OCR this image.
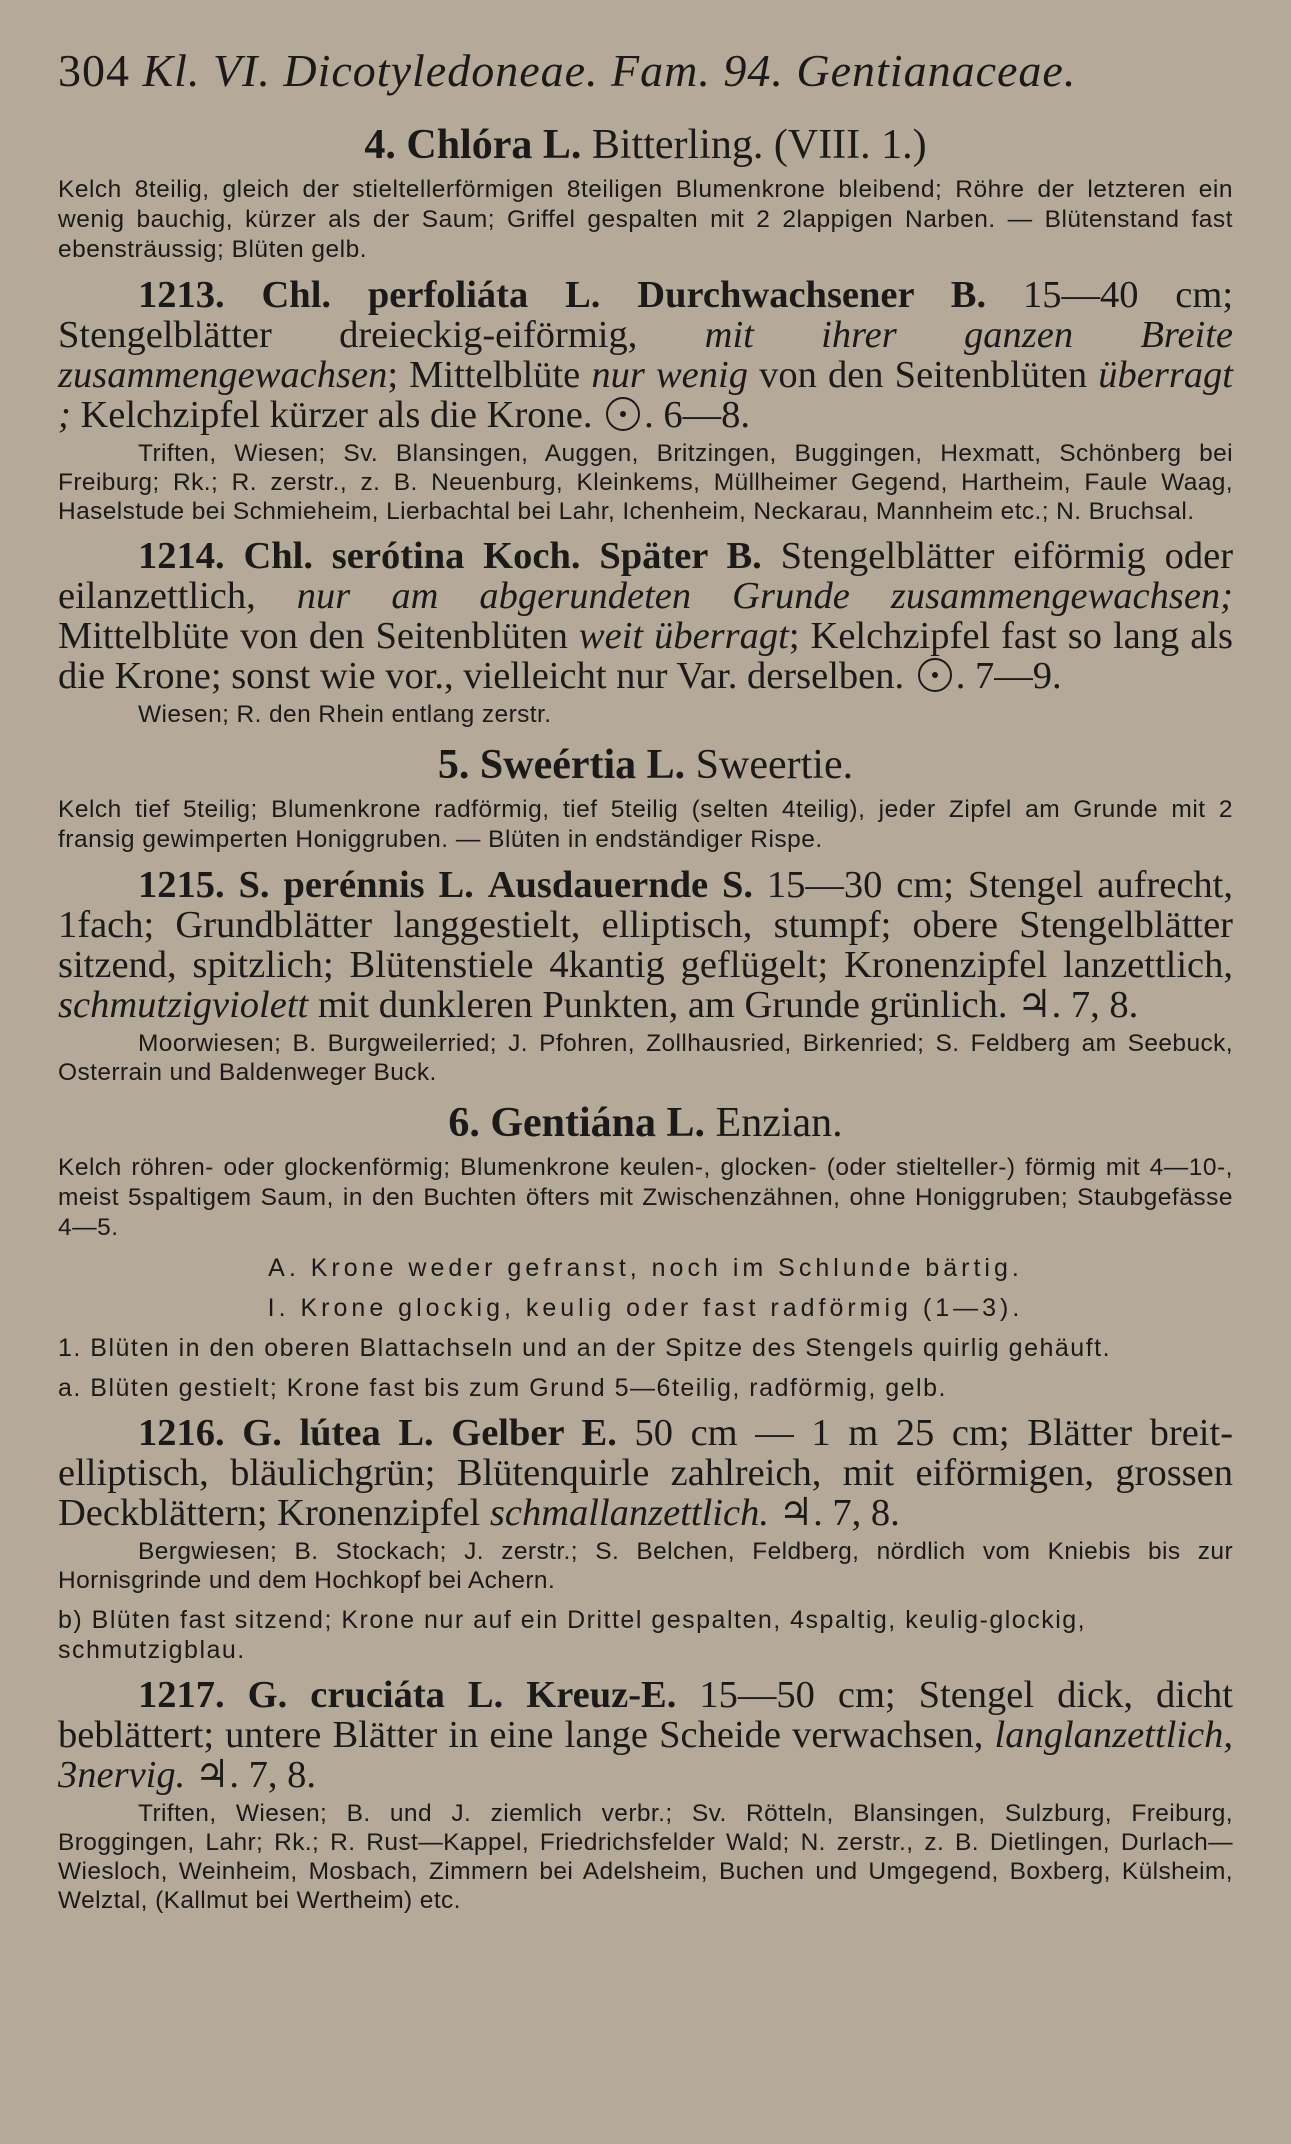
304 Kl. VI. Dicotyledoneae. Fam. 94. Gentianaceae.
4. Chlóra L. Bitterling. (VIII. 1.)
Kelch 8teilig, gleich der stieltellerförmigen 8teiligen Blumenkrone bleibend; Röhre der letzteren ein wenig bauchig, kürzer als der Saum; Griffel gespalten mit 2 2lappigen Narben. — Blütenstand fast ebensträussig; Blüten gelb.
1213. Chl. perfoliáta L. Durchwachsener B. 15—40 cm; Stengelblätter dreieckig-eiförmig, mit ihrer ganzen Breite zusammengewachsen; Mittelblüte nur wenig von den Seitenblüten überragt ; Kelchzipfel kürzer als die Krone. . 6—8.
Triften, Wiesen; Sv. Blansingen, Auggen, Britzingen, Buggingen, Hexmatt, Schönberg bei Freiburg; Rk.; R. zerstr., z. B. Neuenburg, Kleinkems, Müllheimer Gegend, Hartheim, Faule Waag, Haselstude bei Schmieheim, Lierbachtal bei Lahr, Ichenheim, Neckarau, Mannheim etc.; N. Bruchsal.
1214. Chl. serótina Koch. Später B. Stengelblätter eiförmig oder eilanzettlich, nur am abgerundeten Grunde zusammengewachsen; Mittelblüte von den Seitenblüten weit überragt; Kelchzipfel fast so lang als die Krone; sonst wie vor., vielleicht nur Var. derselben. . 7—9.
Wiesen; R. den Rhein entlang zerstr.
5. Sweértia L. Sweertie.
Kelch tief 5teilig; Blumenkrone radförmig, tief 5teilig (selten 4teilig), jeder Zipfel am Grunde mit 2 fransig gewimperten Honiggruben. — Blüten in endständiger Rispe.
1215. S. perénnis L. Ausdauernde S. 15—30 cm; Stengel aufrecht, 1fach; Grundblätter langgestielt, elliptisch, stumpf; obere Stengelblätter sitzend, spitzlich; Blütenstiele 4kantig geflügelt; Kronenzipfel lanzettlich, schmutzigviolett mit dunkleren Punkten, am Grunde grünlich. ♃. 7, 8.
Moorwiesen; B. Burgweilerried; J. Pfohren, Zollhausried, Birkenried; S. Feldberg am Seebuck, Osterrain und Baldenweger Buck.
6. Gentiána L. Enzian.
Kelch röhren- oder glockenförmig; Blumenkrone keulen-, glocken- (oder stielteller-) förmig mit 4—10-, meist 5spaltigem Saum, in den Buchten öfters mit Zwischenzähnen, ohne Honiggruben; Staubgefässe 4—5.
A. Krone weder gefranst, noch im Schlunde bärtig.
I. Krone glockig, keulig oder fast radförmig (1—3).
1. Blüten in den oberen Blattachseln und an der Spitze des Stengels quirlig gehäuft.
a. Blüten gestielt; Krone fast bis zum Grund 5—6teilig, radförmig, gelb.
1216. G. lútea L. Gelber E. 50 cm — 1 m 25 cm; Blätter breit-elliptisch, bläulichgrün; Blütenquirle zahlreich, mit eiförmigen, grossen Deckblättern; Kronenzipfel schmallanzettlich. ♃. 7, 8.
Bergwiesen; B. Stockach; J. zerstr.; S. Belchen, Feldberg, nördlich vom Kniebis bis zur Hornisgrinde und dem Hochkopf bei Achern.
b) Blüten fast sitzend; Krone nur auf ein Drittel gespalten, 4spaltig, keulig-glockig, schmutzigblau.
1217. G. cruciáta L. Kreuz-E. 15—50 cm; Stengel dick, dicht beblättert; untere Blätter in eine lange Scheide verwachsen, langlanzettlich, 3nervig. ♃. 7, 8.
Triften, Wiesen; B. und J. ziemlich verbr.; Sv. Rötteln, Blansingen, Sulzburg, Freiburg, Broggingen, Lahr; Rk.; R. Rust—Kappel, Friedrichsfelder Wald; N. zerstr., z. B. Dietlingen, Durlach—Wiesloch, Weinheim, Mosbach, Zimmern bei Adelsheim, Buchen und Umgegend, Boxberg, Külsheim, Welztal, (Kallmut bei Wertheim) etc.
